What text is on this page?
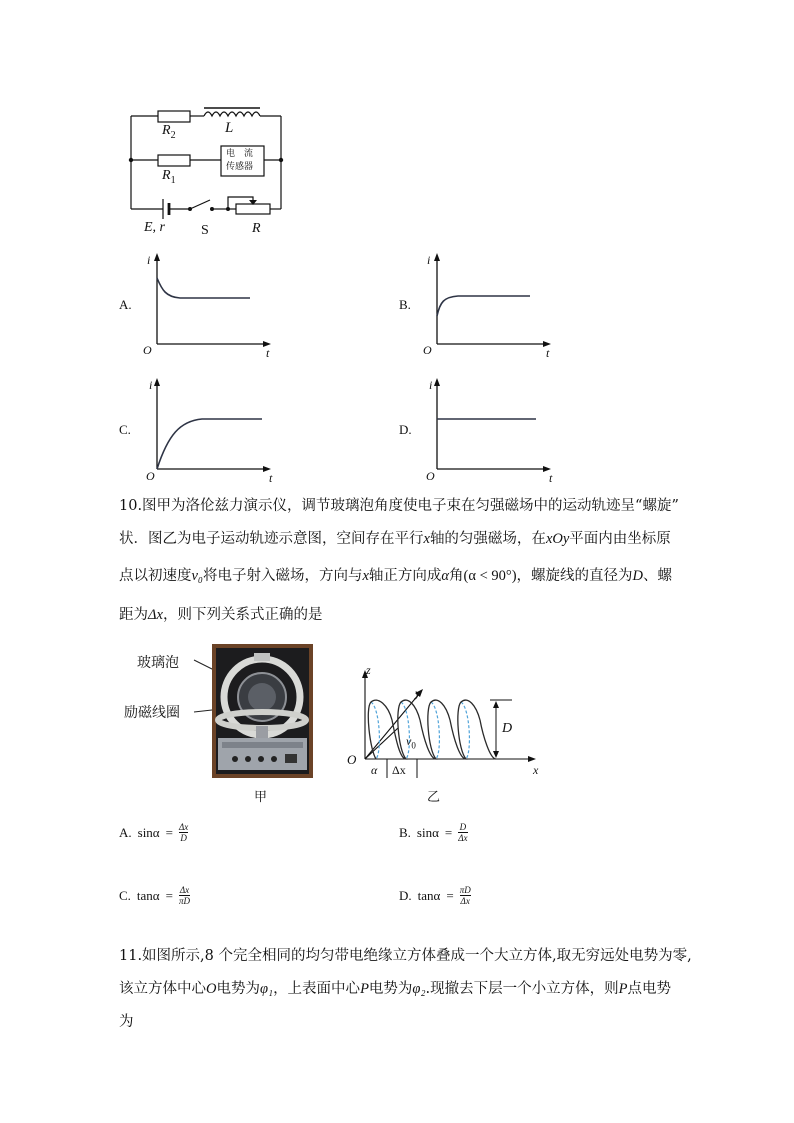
$R_2$	L
$R_1$
电　流
传感器
E, r	S	R
A.
i
O	t
B.
i
O	t
C.
i
O	t
D.
i
O	t
10.图甲为洛伦兹力演示仪，调节玻璃泡角度使电子束在匀强磁场中的运动轨迹呈“螺旋”
状．图乙为电子运动轨迹示意图，空间存在平行x轴的匀强磁场，在xOy平面内由坐标原
点以初速度v₀将电子射入磁场，方向与x轴正方向成α角(α < 90°)，螺旋线的直径为D、螺
距为Δx，则下列关系式正确的是
玻璃泡
励磁线圈
甲
z
y
x
O
$v_0$
α Δx
D
乙
A. $\sin\alpha = \frac{\Delta x}{D}$	B. $\sin\alpha = \frac{D}{\Delta x}$
C. $\tan\alpha = \frac{\Delta x}{\pi D}$	D. $\tan\alpha = \frac{\pi D}{\Delta x}$
11.如图所示,8 个完全相同的均匀带电绝缘立方体叠成一个大立方体,取无穷远处电势为零,
该立方体中心O电势为φ₁，上表面中心P电势为φ₂.现撤去下层一个小立方体，则P点电势
为
